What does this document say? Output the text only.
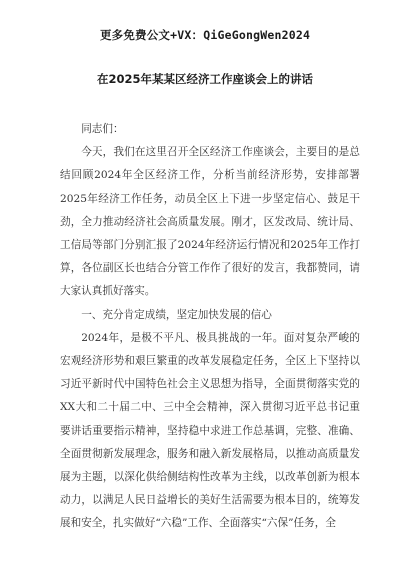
更多免费公文+VX：QiGeGongWen2024
在2025年某某区经济工作座谈会上的讲话

同志们：

今天，我们在这里召开全区经济工作座谈会，主要目的是总结回顾2024年全区经济工作，分析当前经济形势，安排部署2025年经济工作任务，动员全区上下进一步坚定信心、鼓足干劲，全力推动经济社会高质量发展。刚才，区发改局、统计局、工信局等部门分别汇报了2024年经济运行情况和2025年工作打算，各位副区长也结合分管工作作了很好的发言，我都赞同，请大家认真抓好落实。

一、充分肯定成绩，坚定加快发展的信心

2024年，是极不平凡、极具挑战的一年。面对复杂严峻的宏观经济形势和艰巨繁重的改革发展稳定任务，全区上下坚持以习近平新时代中国特色社会主义思想为指导，全面贯彻落实党的XX大和二十届二中、三中全会精神，深入贯彻习近平总书记重要讲话重要指示精神，坚持稳中求进工作总基调，完整、准确、全面贯彻新发展理念，服务和融入新发展格局，以推动高质量发展为主题，以深化供给侧结构性改革为主线，以改革创新为根本动力，以满足人民日益增长的美好生活需要为根本目的，统筹发展和安全，扎实做好“六稳”工作、全面落实“六保”任务，全
